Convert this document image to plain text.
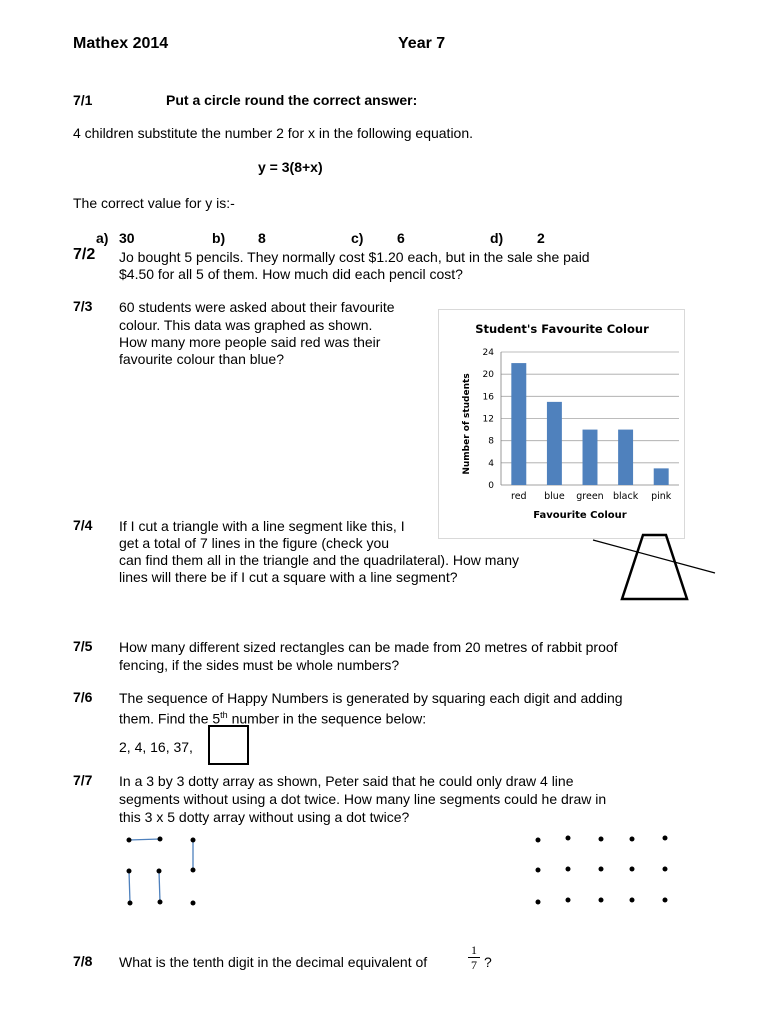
Mathex 2014	Year 7
7/1	Put a circle round the correct answer:
4 children substitute the number 2 for x in the following equation.
y = 3(8+x)
The correct value for y is:-
a) 30	b) 8	c) 6	d) 2
7/2 Jo bought 5 pencils. They normally cost $1.20 each, but in the sale she paid
$4.50 for all 5 of them. How much did each pencil cost?
7/3 60 students were asked about their favourite
colour. This data was graphed as shown.
How many more people said red was their
favourite colour than blue?
Student's Favourite Colour
Favourite Colour
Number of students
0
4
8
12
16
20
24
red blue green black pink
7/4 If I cut a triangle with a line segment like this, I
get a total of 7 lines in the figure (check you
can find them all in the triangle and the quadrilateral). How many
lines will there be if I cut a square with a line segment?
7/5 How many different sized rectangles can be made from 20 metres of rabbit proof
fencing, if the sides must be whole numbers?
7/6 The sequence of Happy Numbers is generated by squaring each digit and adding
them. Find the 5th number in the sequence below:
2, 4, 16, 37,
7/7 In a 3 by 3 dotty array as shown, Peter said that he could only draw 4 line
segments without using a dot twice. How many line segments could he draw in
this 3 x 5 dotty array without using a dot twice?
7/8 What is the tenth digit in the decimal equivalent of
1
7 ?
